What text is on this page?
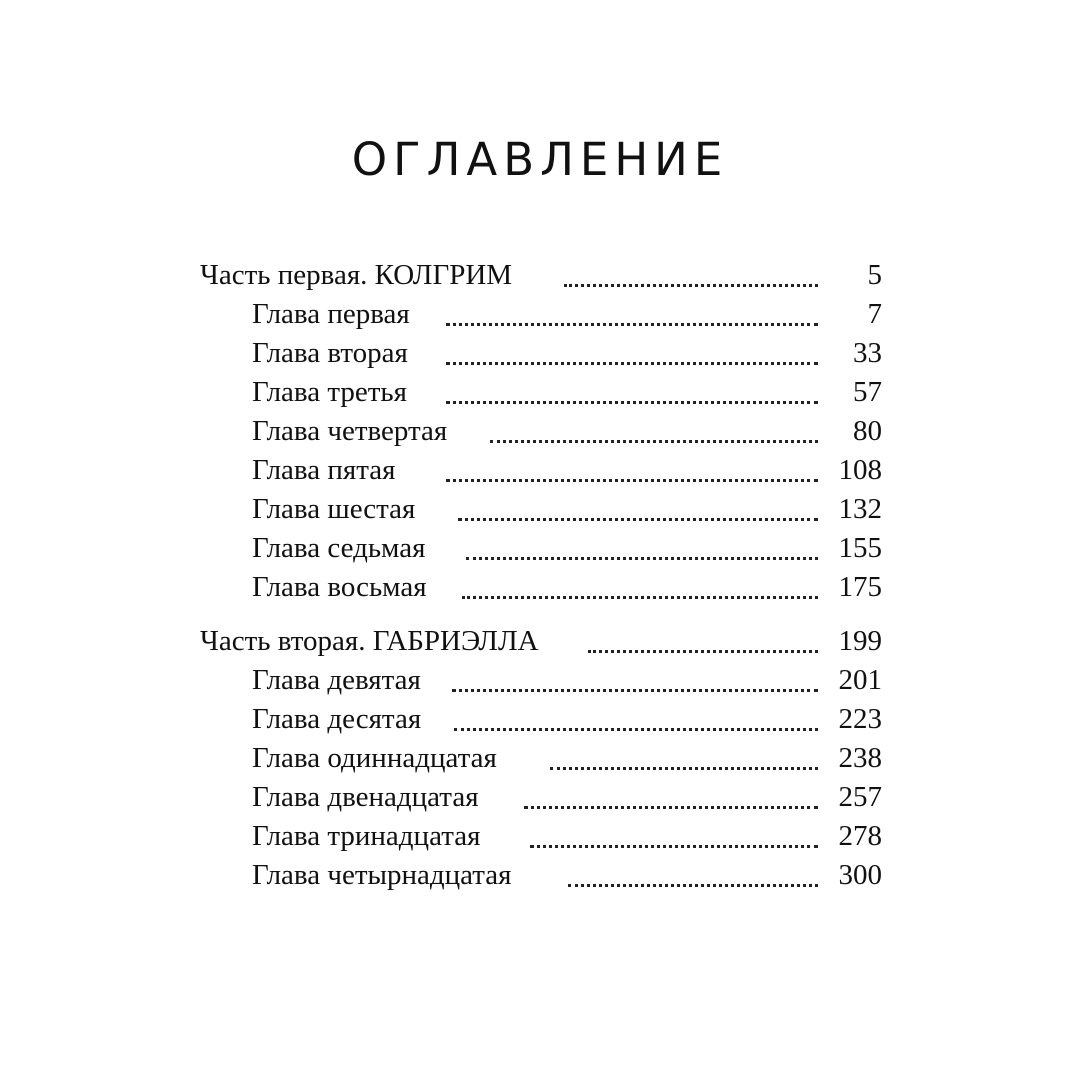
ОГЛАВЛЕНИЕ
Часть первая. КОЛГРИМ	5
Глава первая	7
Глава вторая	33
Глава третья	57
Глава четвертая	80
Глава пятая	108
Глава шестая	132
Глава седьмая	155
Глава восьмая	175
Часть вторая. ГАБРИЭЛЛА	199
Глава девятая	201
Глава десятая	223
Глава одиннадцатая	238
Глава двенадцатая	257
Глава тринадцатая	278
Глава четырнадцатая	300
